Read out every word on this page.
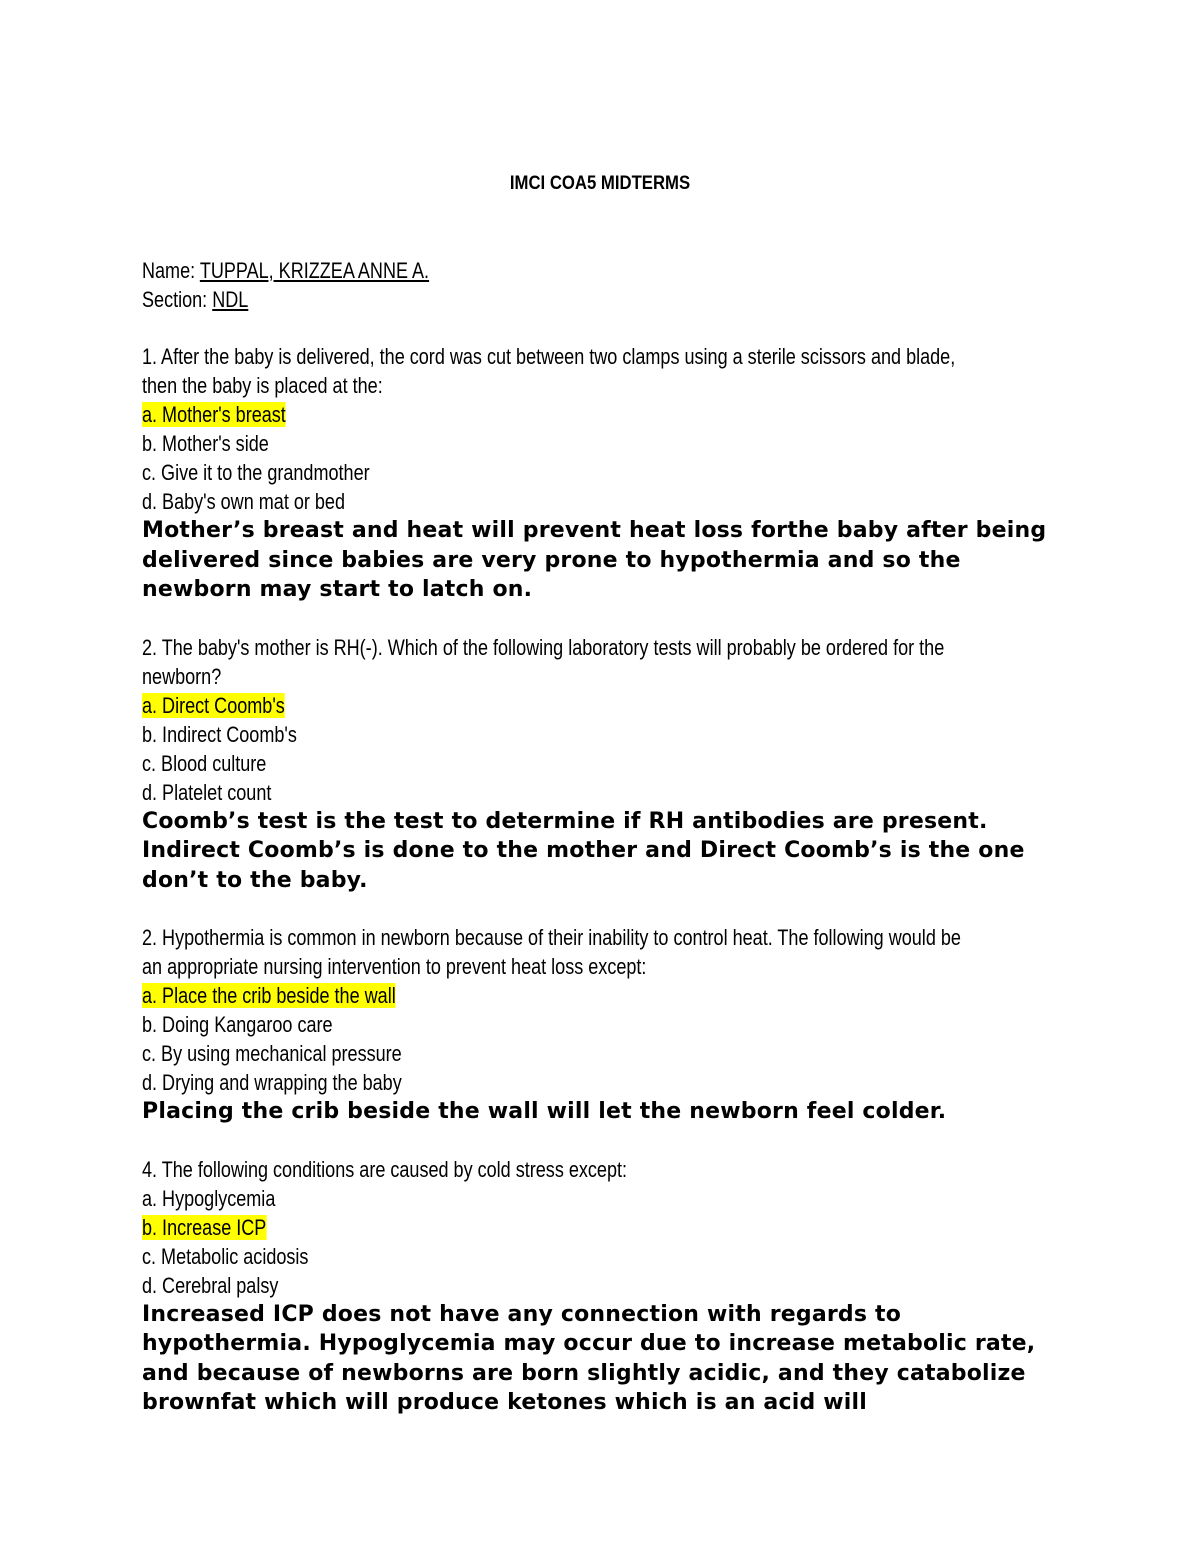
IMCI COA5 MIDTERMS
Name: TUPPAL, KRIZZEA ANNE A.
Section: NDL
1. After the baby is delivered, the cord was cut between two clamps using a sterile scissors and blade,
then the baby is placed at the:
a. Mother's breast
b. Mother's side
c. Give it to the grandmother
d. Baby's own mat or bed
Mother’s breast and heat will prevent heat loss forthe baby after being delivered since babies are very prone to hypothermia and so the newborn may start to latch on.
2. The baby's mother is RH(-). Which of the following laboratory tests will probably be ordered for the
newborn?
a. Direct Coomb's
b. Indirect Coomb's
c. Blood culture
d. Platelet count
Coomb’s test is the test to determine if RH antibodies are present. Indirect Coomb’s is done to the mother and Direct Coomb’s is the one don’t to the baby.
2. Hypothermia is common in newborn because of their inability to control heat. The following would be
an appropriate nursing intervention to prevent heat loss except:
a. Place the crib beside the wall
b. Doing Kangaroo care
c. By using mechanical pressure
d. Drying and wrapping the baby
Placing the crib beside the wall will let the newborn feel colder.
4. The following conditions are caused by cold stress except:
a. Hypoglycemia
b. Increase ICP
c. Metabolic acidosis
d. Cerebral palsy
Increased ICP does not have any connection with regards to hypothermia. Hypoglycemia may occur due to increase metabolic rate, and because of newborns are born slightly acidic, and they catabolize brownfat which will produce ketones which is an acid will
